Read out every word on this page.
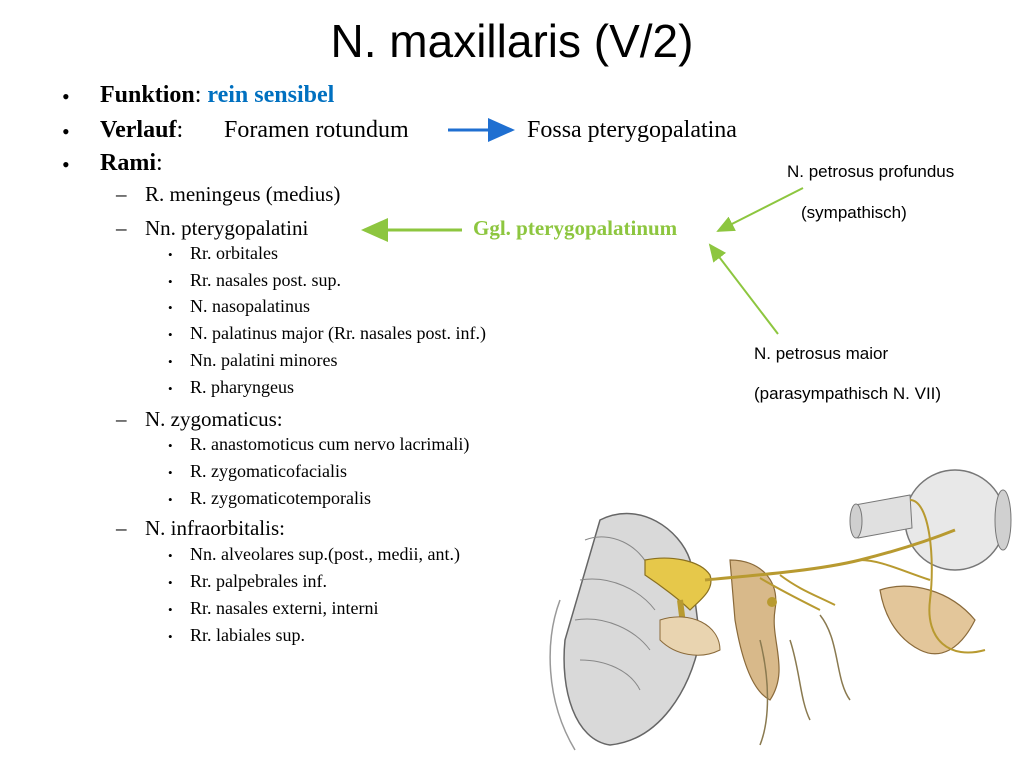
N. maxillaris (V/2)
• Funktion: rein sensibel
• Verlauf: Foramen rotundum	Fossa pterygopalatina
• Rami:
– R. meningeus (medius)
– Nn. pterygopalatini	Ggl. pterygopalatinum
• Rr. orbitales
• Rr. nasales post. sup.
• N. nasopalatinus
• N. palatinus major (Rr. nasales post. inf.)
• Nn. palatini minores
• R. pharyngeus
– N. zygomaticus:
• R. anastomoticus cum nervo lacrimali)
• R. zygomaticofacialis
• R. zygomaticotemporalis
– N. infraorbitalis:
• Nn. alveolares sup.(post., medii, ant.)
• Rr. palpebrales inf.
• Rr. nasales externi, interni
• Rr. labiales sup.
N. petrosus profundus
(sympathisch)
N. petrosus maior
(parasympathisch N. VII)
